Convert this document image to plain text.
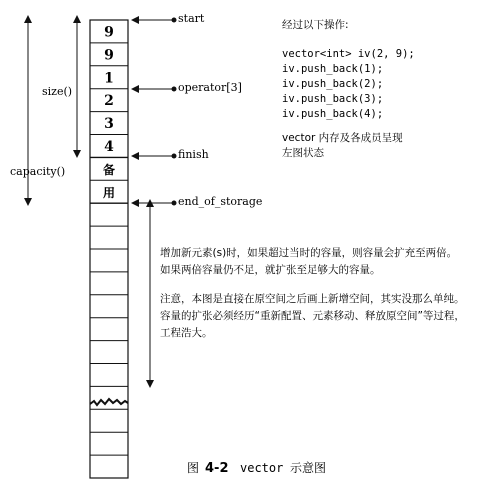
9
9
1
2
3
4
备
用
size()
capacity()
start
operator[3]
finish
end_of_storage
经过以下操作:
vector<int> iv(2, 9);
iv.push_back(1);
iv.push_back(2);
iv.push_back(3);
iv.push_back(4);
vector 内存及各成员呈现
左图状态
增加新元素(s)时，如果超过当时的容量，则容量会扩充至两倍。
如果两倍容量仍不足，就扩张至足够大的容量。
注意，本图是直接在原空间之后画上新增空间，其实没那么单纯。
容量的扩张必须经历“重新配置、元素移动、释放原空间”等过程，
工程浩大。
图 4-2 vector 示意图
